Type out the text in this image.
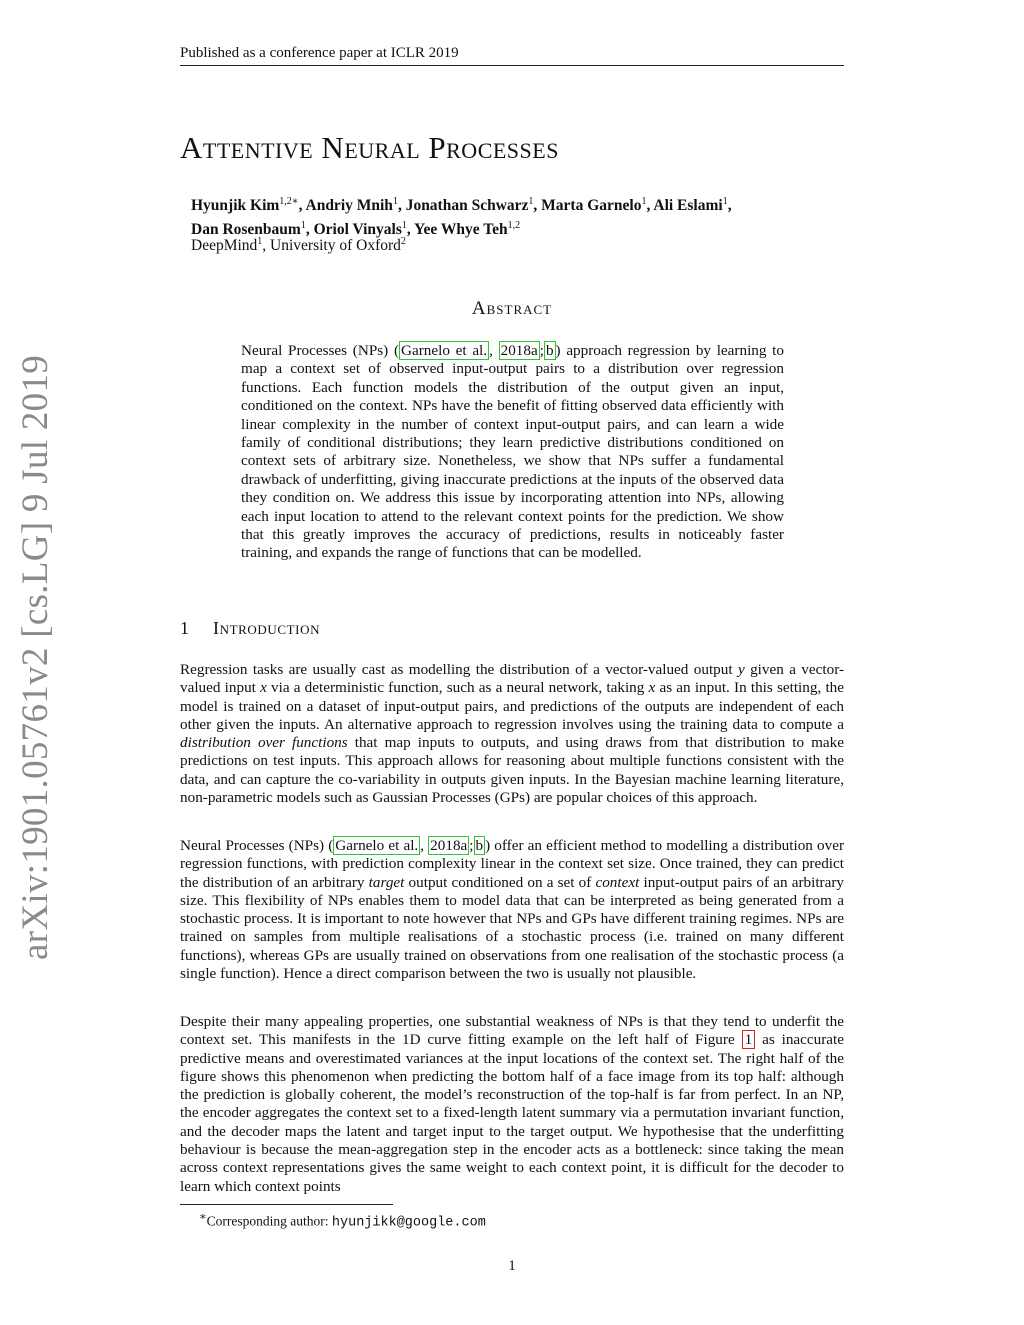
Published as a conference paper at ICLR 2019
arXiv:1901.05761v2 [cs.LG] 9 Jul 2019
Attentive Neural Processes
Hyunjik Kim$^{1,2∗}$, Andriy Mnih$^1$, Jonathan Schwarz$^1$, Marta Garnelo$^1$, Ali Eslami$^1$,
Dan Rosenbaum$^1$, Oriol Vinyals$^1$, Yee Whye Teh$^{1,2}$
DeepMind$^1$, University of Oxford$^2$
Abstract
Neural Processes (NPs) ( Garnelo et al. , 2018a ; b ) approach regression by learning to map a context set of observed input-output pairs to a distribution over regression functions. Each function models the distribution of the output given an input, conditioned on the context. NPs have the benefit of fitting observed data efficiently with linear complexity in the number of context input-output pairs, and can learn a wide family of conditional distributions; they learn predictive distributions conditioned on context sets of arbitrary size. Nonetheless, we show that NPs suffer a fundamental drawback of underfitting, giving inaccurate predictions at the inputs of the observed data they condition on. We address this issue by incorporating attention into NPs, allowing each input location to attend to the relevant context points for the prediction. We show that this greatly improves the accuracy of predictions, results in noticeably faster training, and expands the range of functions that can be modelled.
1 Introduction
Regression tasks are usually cast as modelling the distribution of a vector-valued output y given a vector-valued input x via a deterministic function, such as a neural network, taking x as an input. In this setting, the model is trained on a dataset of input-output pairs, and predictions of the outputs are independent of each other given the inputs. An alternative approach to regression involves using the training data to compute a distribution over functions that map inputs to outputs, and using draws from that distribution to make predictions on test inputs. This approach allows for reasoning about multiple functions consistent with the data, and can capture the co-variability in outputs given inputs. In the Bayesian machine learning literature, non-parametric models such as Gaussian Processes (GPs) are popular choices of this approach.
Neural Processes (NPs) ( Garnelo et al. , 2018a ; b ) offer an efficient method to modelling a distribution over regression functions, with prediction complexity linear in the context set size. Once trained, they can predict the distribution of an arbitrary target output conditioned on a set of context input-output pairs of an arbitrary size. This flexibility of NPs enables them to model data that can be interpreted as being generated from a stochastic process. It is important to note however that NPs and GPs have different training regimes. NPs are trained on samples from multiple realisations of a stochastic process (i.e. trained on many different functions), whereas GPs are usually trained on observations from one realisation of the stochastic process (a single function). Hence a direct comparison between the two is usually not plausible.
Despite their many appealing properties, one substantial weakness of NPs is that they tend to underfit the context set. This manifests in the 1D curve fitting example on the left half of Figure 1 as inaccurate predictive means and overestimated variances at the input locations of the context set. The right half of the figure shows this phenomenon when predicting the bottom half of a face image from its top half: although the prediction is globally coherent, the model’s reconstruction of the top-half is far from perfect. In an NP, the encoder aggregates the context set to a fixed-length latent summary via a permutation invariant function, and the decoder maps the latent and target input to the target output. We hypothesise that the underfitting behaviour is because the mean-aggregation step in the encoder acts as a bottleneck: since taking the mean across context representations gives the same weight to each context point, it is difficult for the decoder to learn which context points
∗Corresponding author: hyunjikk@google.com
1
